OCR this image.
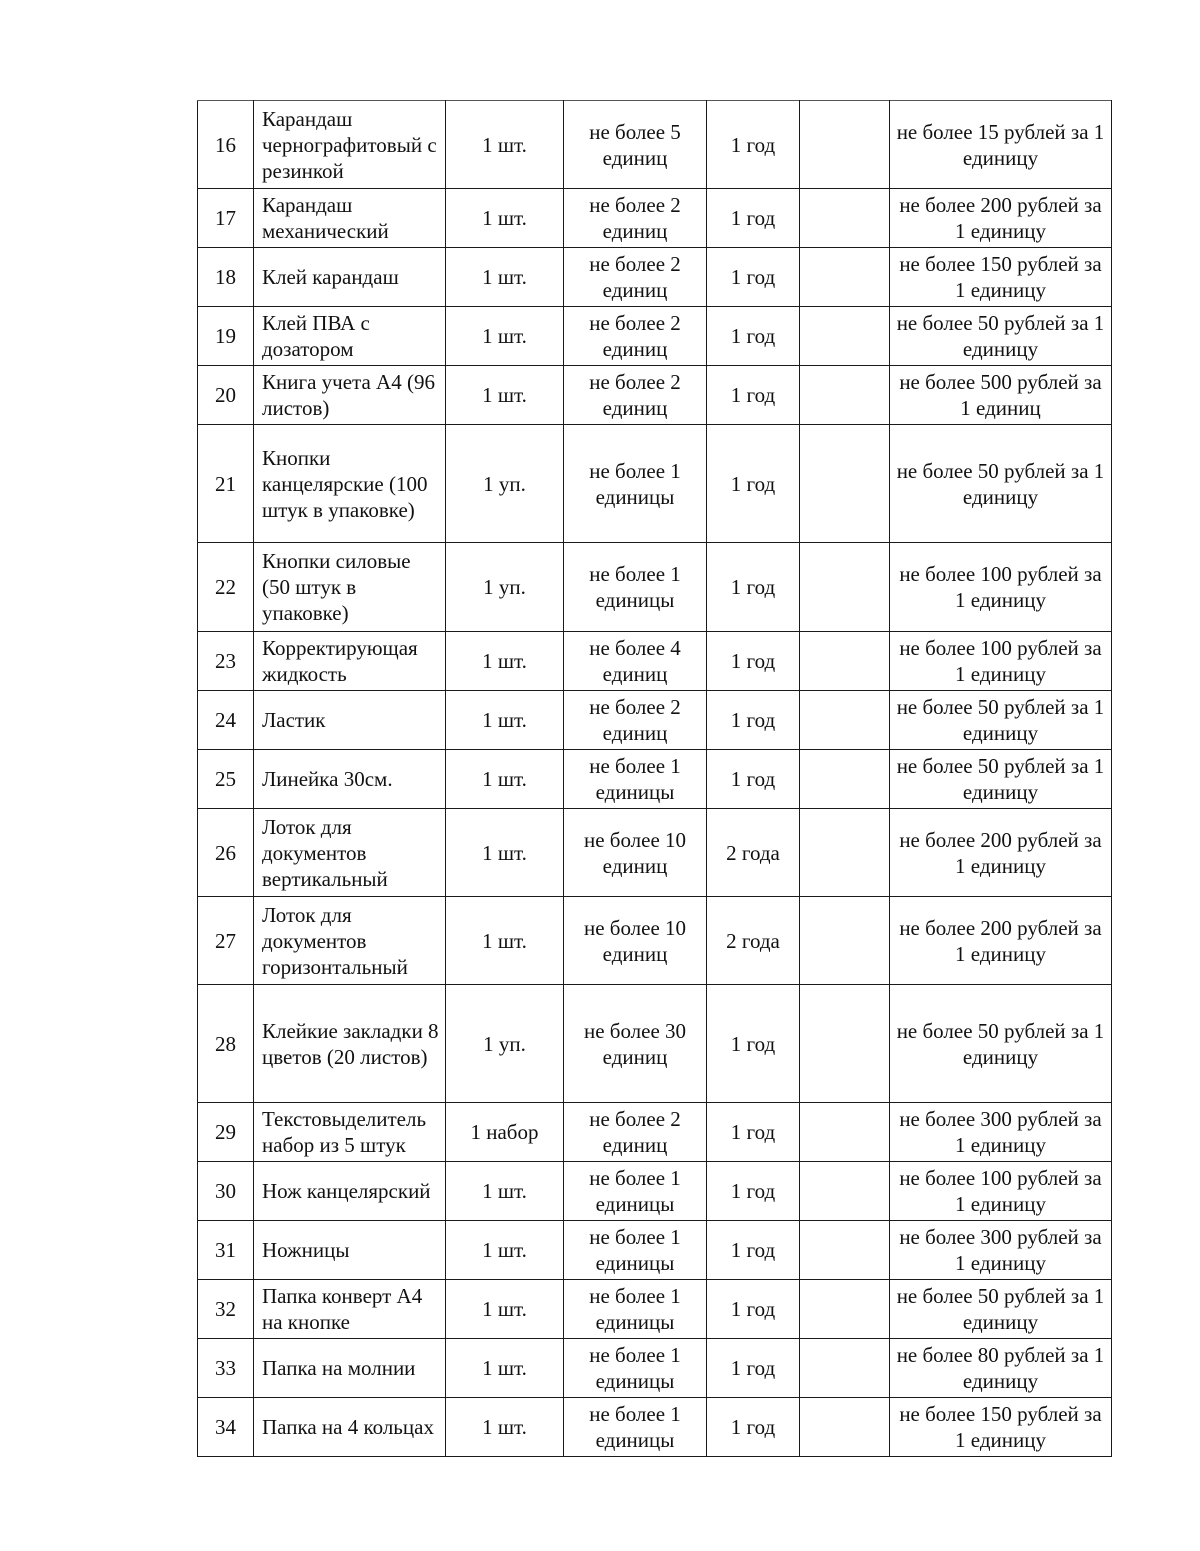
16	Карандаш чернографитовый с резинкой	1 шт.	не более 5 единиц	1 год		не более 15 рублей за 1 единицу
17	Карандаш механический	1 шт.	не более 2 единиц	1 год		не более 200 рублей за 1 единицу
18	Клей карандаш	1 шт.	не более 2 единиц	1 год		не более 150 рублей за 1 единицу
19	Клей ПВА с дозатором	1 шт.	не более 2 единиц	1 год		не более 50 рублей за 1 единицу
20	Книга учета А4 (96 листов)	1 шт.	не более 2 единиц	1 год		не более 500 рублей за 1 единиц
21	Кнопки канцелярские (100 штук в упаковке)	1 уп.	не более 1 единицы	1 год		не более 50 рублей за 1 единицу
22	Кнопки силовые (50 штук в упаковке)	1 уп.	не более 1 единицы	1 год		не более 100 рублей за 1 единицу
23	Корректирующая жидкость	1 шт.	не более 4 единиц	1 год		не более 100 рублей за 1 единицу
24	Ластик	1 шт.	не более 2 единиц	1 год		не более 50 рублей за 1 единицу
25	Линейка 30см.	1 шт.	не более 1 единицы	1 год		не более 50 рублей за 1 единицу
26	Лоток для документов вертикальный	1 шт.	не более 10 единиц	2 года		не более 200 рублей за 1 единицу
27	Лоток для документов горизонтальный	1 шт.	не более 10 единиц	2 года		не более 200 рублей за 1 единицу
28	Клейкие закладки 8 цветов (20 листов)	1 уп.	не более 30 единиц	1 год		не более 50 рублей за 1 единицу
29	Текстовыделитель набор из 5 штук	1 набор	не более 2 единиц	1 год		не более 300 рублей за 1 единицу
30	Нож канцелярский	1 шт.	не более 1 единицы	1 год		не более 100 рублей за 1 единицу
31	Ножницы	1 шт.	не более 1 единицы	1 год		не более 300 рублей за 1 единицу
32	Папка конверт А4 на кнопке	1 шт.	не более 1 единицы	1 год		не более 50 рублей за 1 единицу
33	Папка на молнии	1 шт.	не более 1 единицы	1 год		не более 80 рублей за 1 единицу
34	Папка на 4 кольцах	1 шт.	не более 1 единицы	1 год		не более 150 рублей за 1 единицу
